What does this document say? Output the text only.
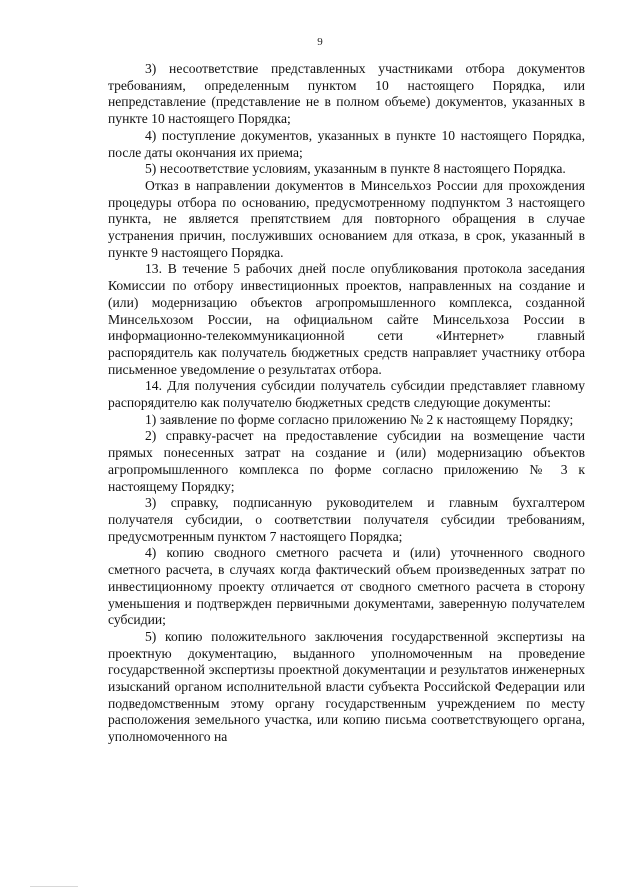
9

3) несоответствие представленных участниками отбора документов требованиям, определенным пунктом 10 настоящего Порядка, или непредставление (представление не в полном объеме) документов, указанных в пункте 10 настоящего Порядка;

4) поступление документов, указанных в пункте 10 настоящего Порядка, после даты окончания их приема;

5) несоответствие условиям, указанным в пункте 8 настоящего Порядка.

Отказ в направлении документов в Минсельхоз России для прохождения процедуры отбора по основанию, предусмотренному подпунктом 3 настоящего пункта, не является препятствием для повторного обращения в случае устранения причин, послуживших основанием для отказа, в срок, указанный в пункте 9 настоящего Порядка.

13. В течение 5 рабочих дней после опубликования протокола заседания Комиссии по отбору инвестиционных проектов, направленных на создание и (или) модернизацию объектов агропромышленного комплекса, созданной Минсельхозом России, на официальном сайте Минсельхоза России в информационно-телекоммуникационной сети «Интернет» главный распорядитель как получатель бюджетных средств направляет участнику отбора письменное уведомление о результатах отбора.

14. Для получения субсидии получатель субсидии представляет главному распорядителю как получателю бюджетных средств следующие документы:

1) заявление по форме согласно приложению № 2 к настоящему Порядку;

2) справку-расчет на предоставление субсидии на возмещение части прямых понесенных затрат на создание и (или) модернизацию объектов агропромышленного комплекса по форме согласно приложению № 3 к настоящему Порядку;

3) справку, подписанную руководителем и главным бухгалтером получателя субсидии, о соответствии получателя субсидии требованиям, предусмотренным пунктом 7 настоящего Порядка;

4) копию сводного сметного расчета и (или) уточненного сводного сметного расчета, в случаях когда фактический объем произведенных затрат по инвестиционному проекту отличается от сводного сметного расчета в сторону уменьшения и подтвержден первичными документами, заверенную получателем субсидии;

5) копию положительного заключения государственной экспертизы на проектную документацию, выданного уполномоченным на проведение государственной экспертизы проектной документации и результатов инженерных изысканий органом исполнительной власти субъекта Российской Федерации или подведомственным этому органу государственным учреждением по месту расположения земельного участка, или копию письма соответствующего органа, уполномоченного на
